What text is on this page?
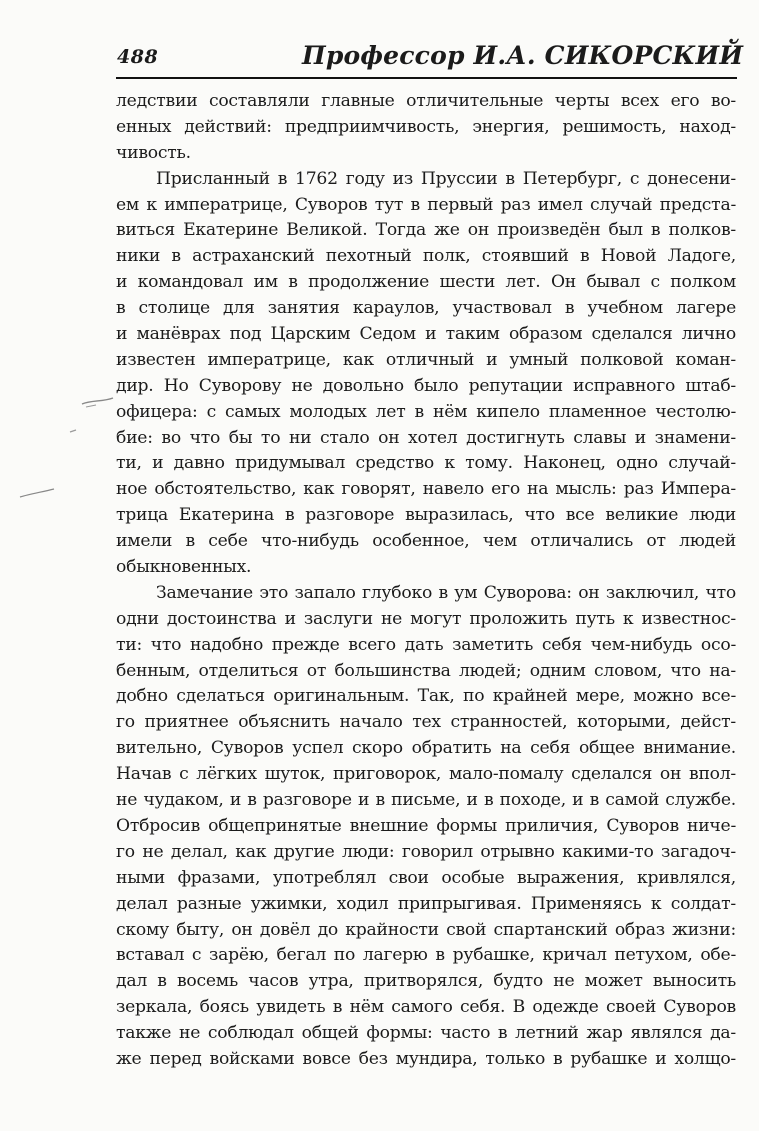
488	Профессор И.А. СИКОРСКИЙ
ледствии составляли главные отличительные черты всех его во-
енных действий: предприимчивость, энергия, решимость, наход-
чивость.
Присланный в 1762 году из Пруссии в Петербург, с донесени-
ем к императрице, Суворов тут в первый раз имел случай предста-
виться Екатерине Великой. Тогда же он произведён был в полков-
ники в астраханский пехотный полк, стоявший в Новой Ладоге,
и командовал им в продолжение шести лет. Он бывал с полком
в столице для занятия караулов, участвовал в учебном лагере
и манёврах под Царским Седом и таким образом сделался лично
известен императрице, как отличный и умный полковой коман-
дир. Но Суворову не довольно было репутации исправного штаб-
офицера: с самых молодых лет в нём кипело пламенное честолю-
бие: во что бы то ни стало он хотел достигнуть славы и знамени-
ти, и давно придумывал средство к тому. Наконец, одно случай-
ное обстоятельство, как говорят, навело его на мысль: раз Импера-
трица Екатерина в разговоре выразилась, что все великие люди
имели в себе что-нибудь особенное, чем отличались от людей
обыкновенных.
Замечание это запало глубоко в ум Суворова: он заключил, что
одни достоинства и заслуги не могут проложить путь к известнос-
ти: что надобно прежде всего дать заметить себя чем-нибудь осо-
бенным, отделиться от большинства людей; одним словом, что на-
добно сделаться оригинальным. Так, по крайней мере, можно все-
го приятнее объяснить начало тех странностей, которыми, дейст-
вительно, Суворов успел скоро обратить на себя общее внимание.
Начав с лёгких шуток, приговорок, мало-помалу сделался он впол-
не чудаком, и в разговоре и в письме, и в походе, и в самой службе.
Отбросив общепринятые внешние формы приличия, Суворов ниче-
го не делал, как другие люди: говорил отрывно какими-то загадоч-
ными фразами, употреблял свои особые выражения, кривлялся,
делал разные ужимки, ходил припрыгивая. Применяясь к солдат-
скому быту, он довёл до крайности свой спартанский образ жизни:
вставал с зарёю, бегал по лагерю в рубашке, кричал петухом, обе-
дал в восемь часов утра, притворялся, будто не может выносить
зеркала, боясь увидеть в нём самого себя. В одежде своей Суворов
также не соблюдал общей формы: часто в летний жар являлся да-
же перед войсками вовсе без мундира, только в рубашке и холщо-
